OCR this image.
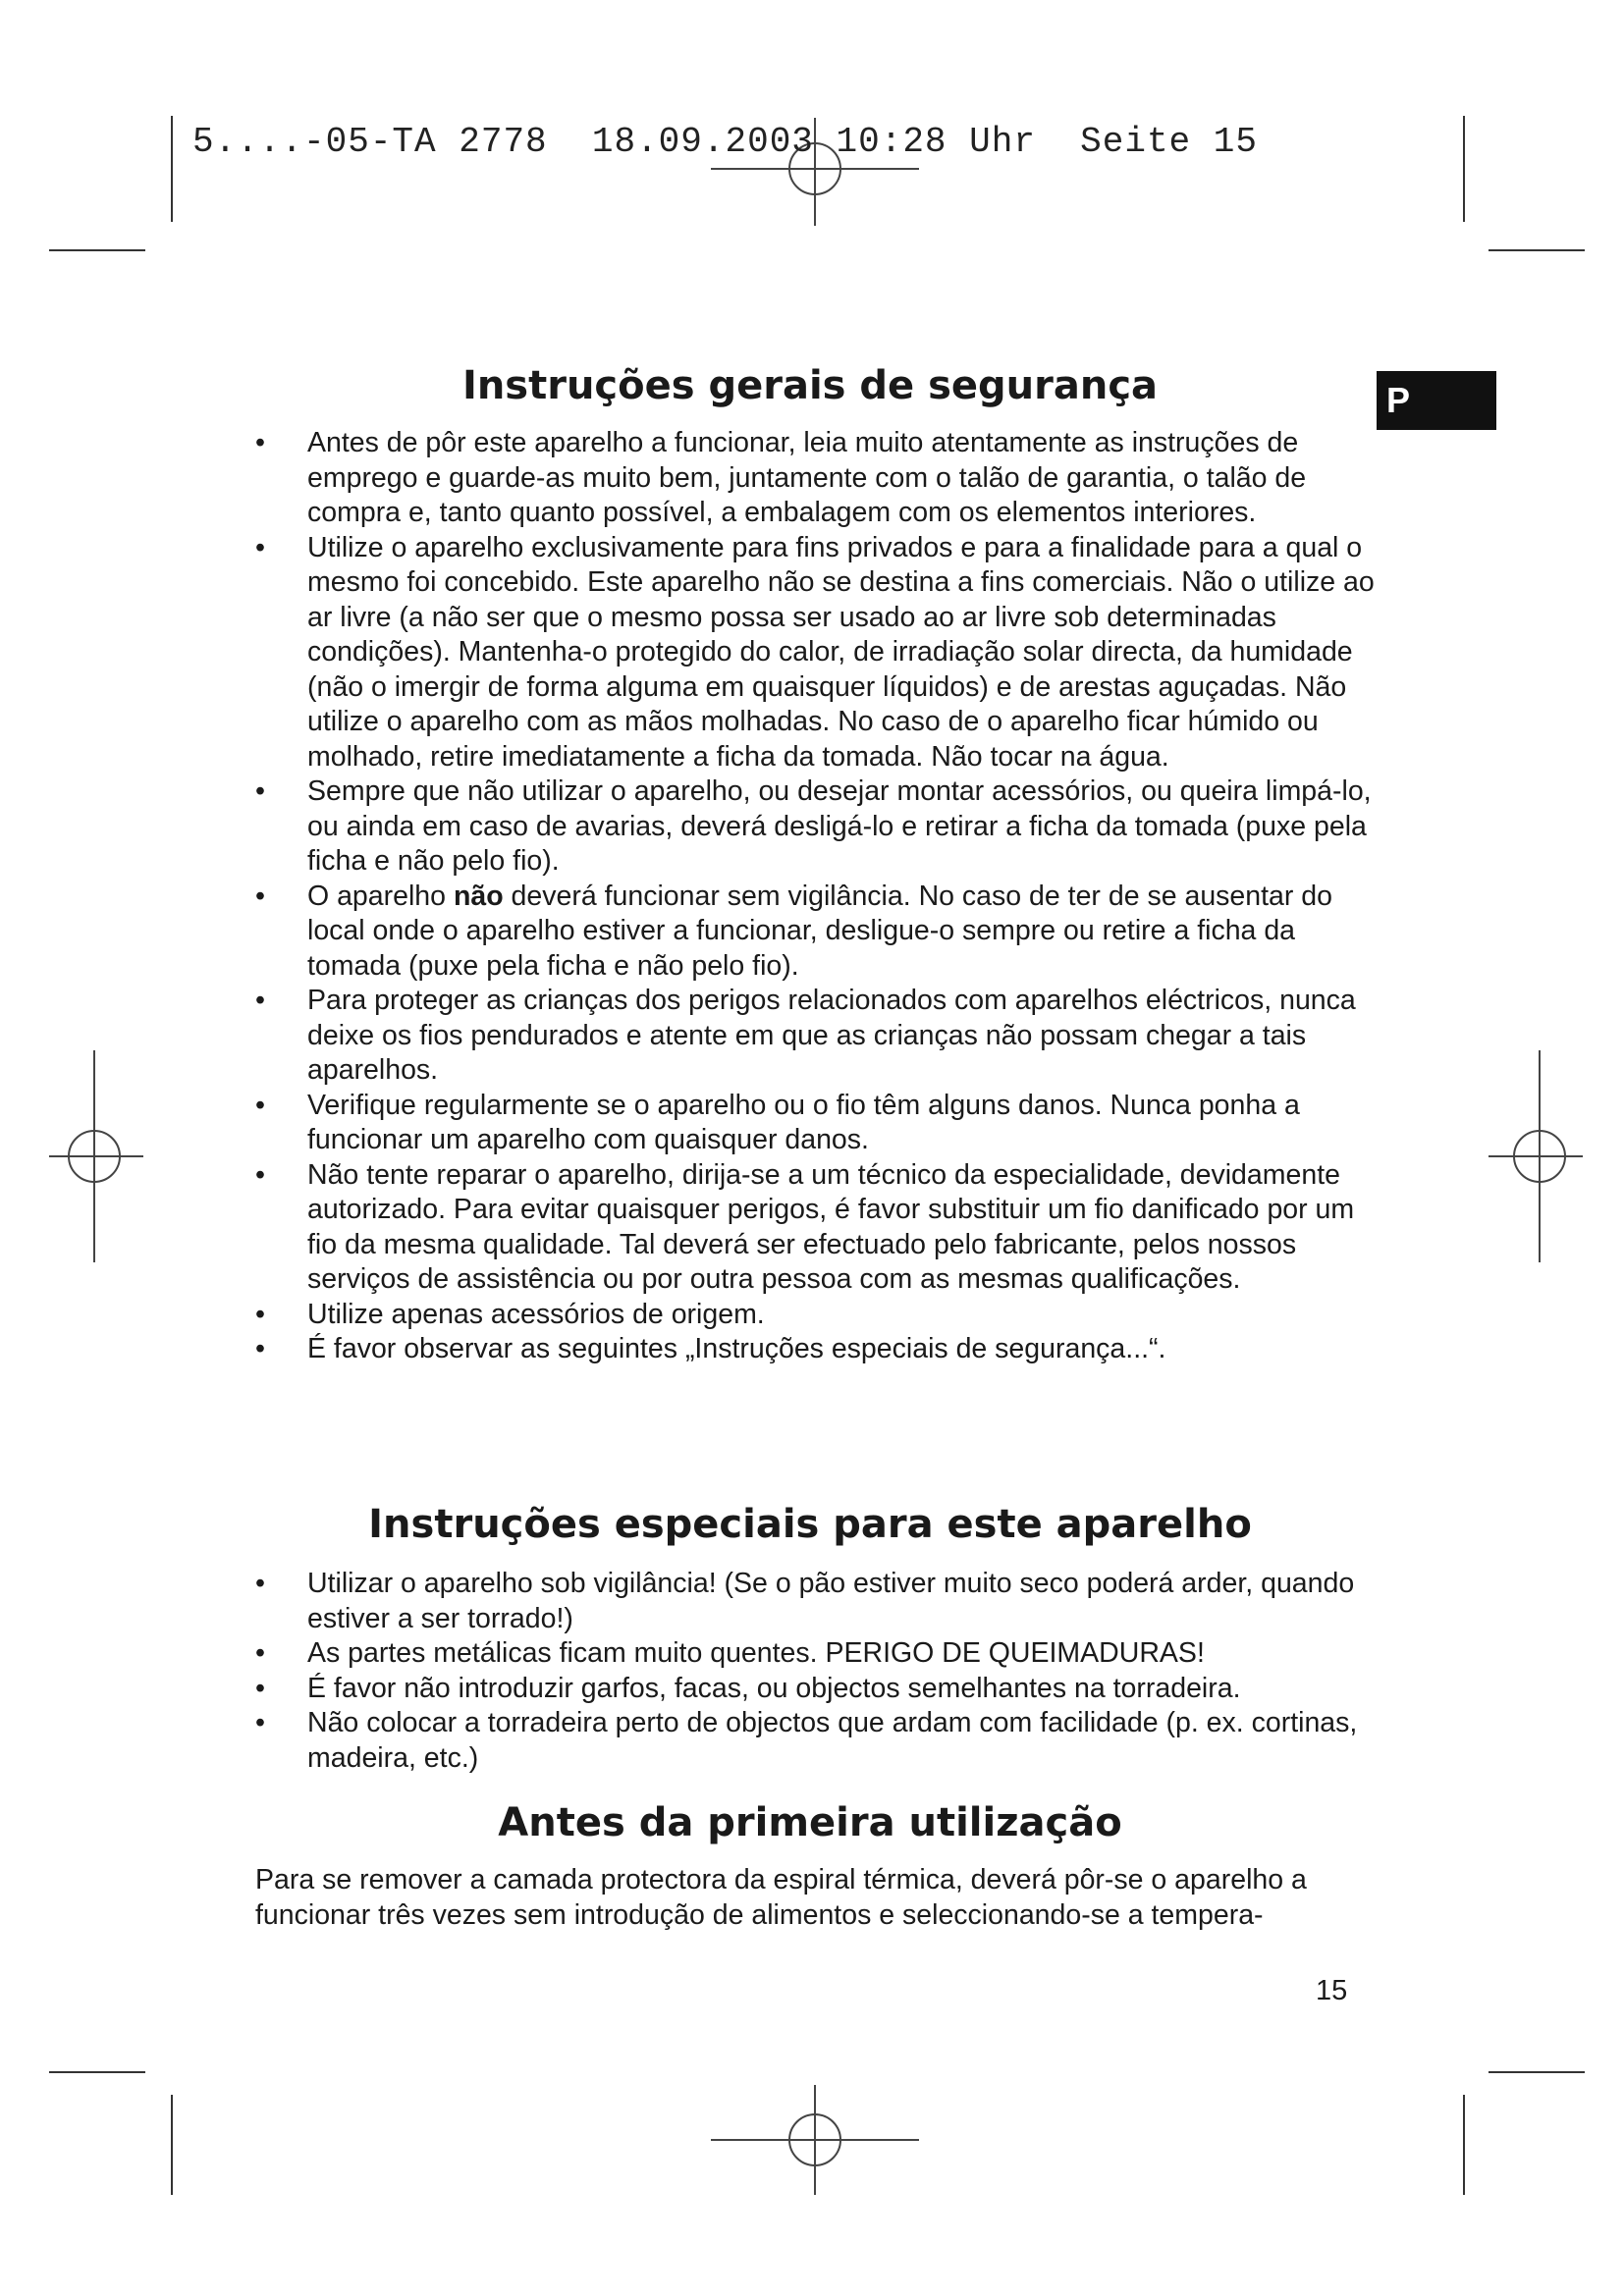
5....-05-TA 2778  18.09.2003 10:28 Uhr  Seite 15
P
Instruções gerais de segurança
• Antes de pôr este aparelho a funcionar, leia muito atentamente as instruções de emprego e guarde-as muito bem, juntamente com o talão de garantia, o talão de compra e, tanto quanto possível, a embalagem com os elementos interiores.
• Utilize o aparelho exclusivamente para fins privados e para a finalidade para a qual o mesmo foi concebido. Este aparelho não se destina a fins comerciais. Não o utilize ao ar livre (a não ser que o mesmo possa ser usado ao ar livre sob determinadas condições). Mantenha-o protegido do calor, de irradiação solar directa, da humidade (não o imergir de forma alguma em quaisquer líquidos) e de arestas aguçadas. Não utilize o aparelho com as mãos molhadas. No caso de o aparelho ficar húmido ou molhado, retire imediatamente a ficha da tomada. Não tocar na água.
• Sempre que não utilizar o aparelho, ou desejar montar acessórios, ou queira limpá-lo, ou ainda em caso de avarias, deverá desligá-lo e retirar a ficha da tomada (puxe pela ficha e não pelo fio).
• O aparelho não deverá funcionar sem vigilância. No caso de ter de se ausentar do local onde o aparelho estiver a funcionar, desligue-o sempre ou retire a ficha da tomada (puxe pela ficha e não pelo fio).
• Para proteger as crianças dos perigos relacionados com aparelhos eléctricos, nunca deixe os fios pendurados e atente em que as crianças não possam chegar a tais aparelhos.
• Verifique regularmente se o aparelho ou o fio têm alguns danos. Nunca ponha a funcionar um aparelho com quaisquer danos.
• Não tente reparar o aparelho, dirija-se a um técnico da especialidade, devidamente autorizado. Para evitar quaisquer perigos, é favor substituir um fio danificado por um fio da mesma qualidade. Tal deverá ser efectuado pelo fabricante, pelos nossos serviços de assistência ou por outra pessoa com as mesmas qualificações.
• Utilize apenas acessórios de origem.
• É favor observar as seguintes „Instruções especiais de segurança...“.
Instruções especiais para este aparelho
• Utilizar o aparelho sob vigilância! (Se o pão estiver muito seco poderá arder, quando estiver a ser torrado!)
• As partes metálicas ficam muito quentes. PERIGO DE QUEIMADURAS!
• É favor não introduzir garfos, facas, ou objectos semelhantes na torradeira.
• Não colocar a torradeira perto de objectos que ardam com facilidade (p. ex. cortinas, madeira, etc.)
Antes da primeira utilização
Para se remover a camada protectora da espiral térmica, deverá pôr-se o aparelho a funcionar três vezes sem introdução de alimentos e seleccionando-se a tempera-
15
